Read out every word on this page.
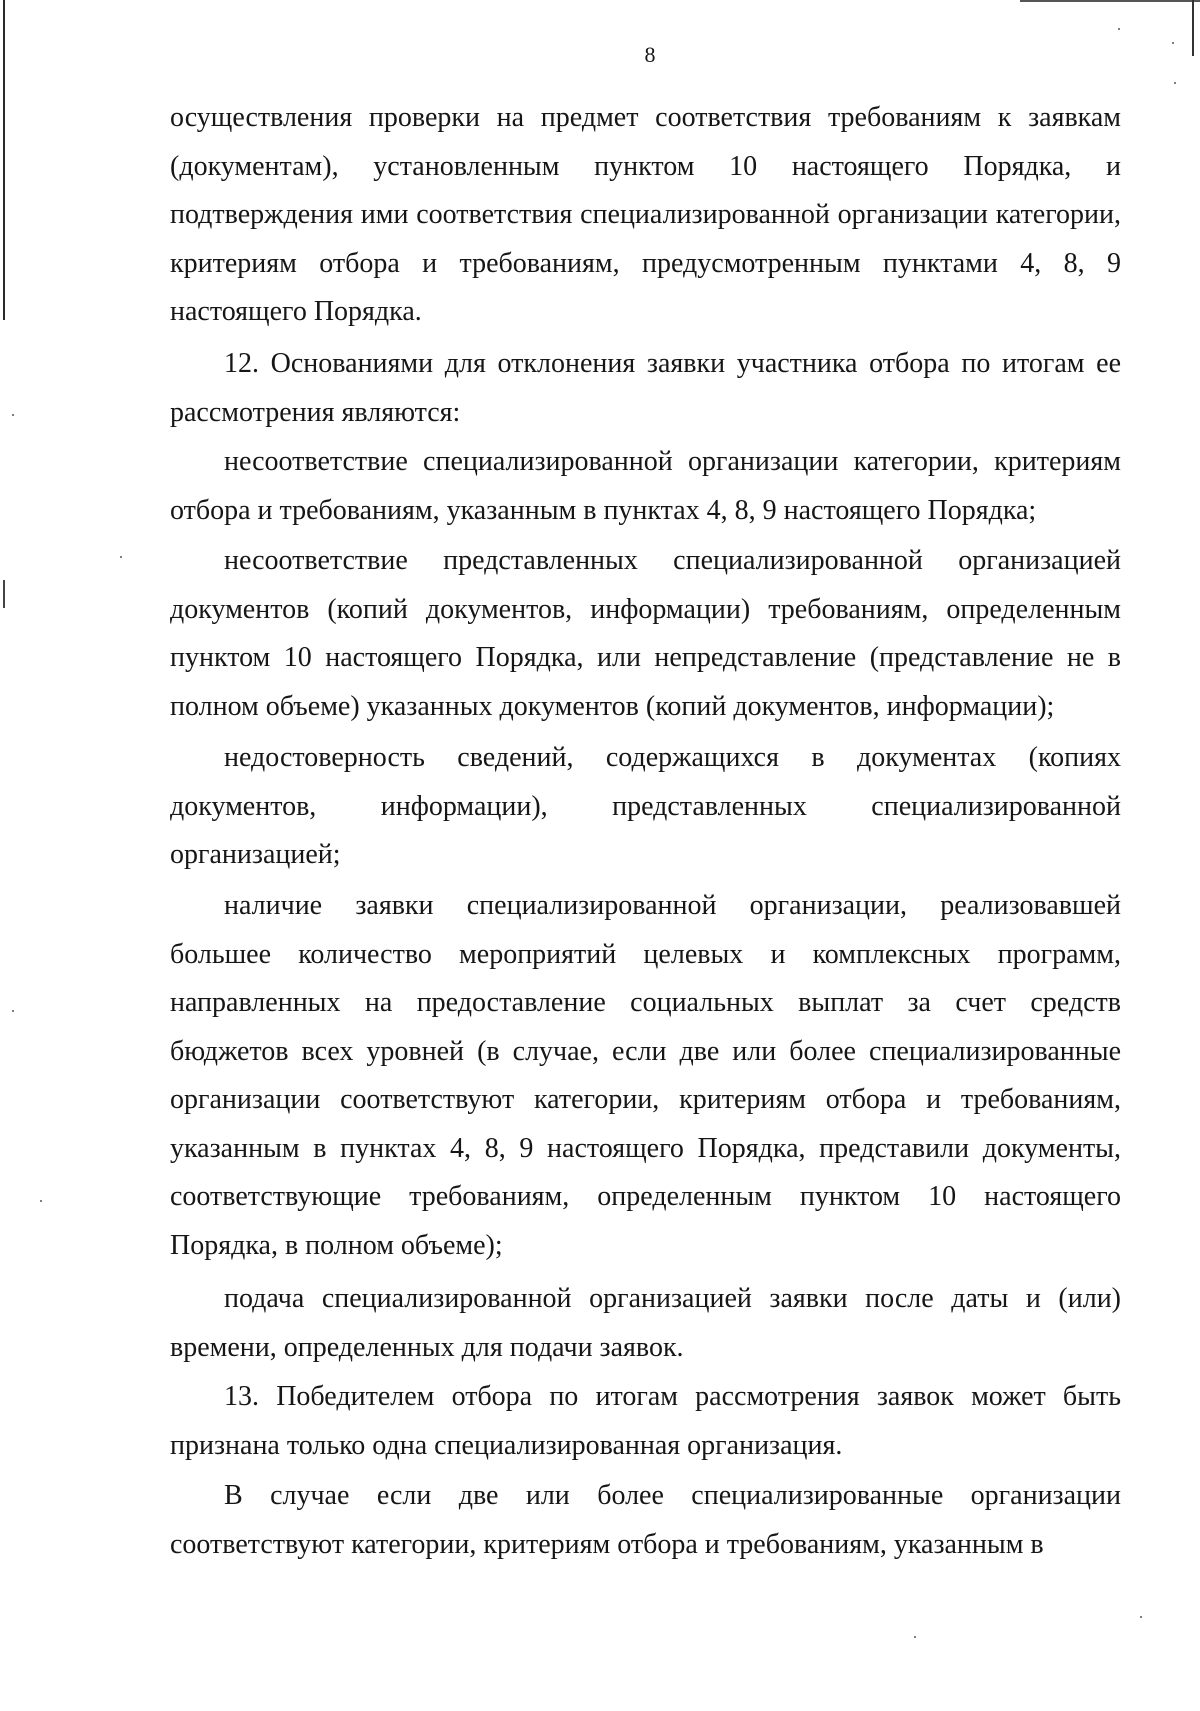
8

осуществления проверки на предмет соответствия требованиям к заявкам (документам), установленным пунктом 10 настоящего Порядка, и подтверждения ими соответствия специализированной организации категории, критериям отбора и требованиям, предусмотренным пунктами 4, 8, 9 настоящего Порядка.

12. Основаниями для отклонения заявки участника отбора по итогам ее рассмотрения являются:

несоответствие специализированной организации категории, критериям отбора и требованиям, указанным в пунктах 4, 8, 9 настоящего Порядка;

несоответствие представленных специализированной организацией документов (копий документов, информации) требованиям, определенным пунктом 10 настоящего Порядка, или непредставление (представление не в полном объеме) указанных документов (копий документов, информации);

недостоверность сведений, содержащихся в документах (копиях документов, информации), представленных специализированной организацией;

наличие заявки специализированной организации, реализовавшей большее количество мероприятий целевых и комплексных программ, направленных на предоставление социальных выплат за счет средств бюджетов всех уровней (в случае, если две или более специализированные организации соответствуют категории, критериям отбора и требованиям, указанным в пунктах 4, 8, 9 настоящего Порядка, представили документы, соответствующие требованиям, определенным пунктом 10 настоящего Порядка, в полном объеме);

подача специализированной организацией заявки после даты и (или) времени, определенных для подачи заявок.

13. Победителем отбора по итогам рассмотрения заявок может быть признана только одна специализированная организация.

В случае если две или более специализированные организации соответствуют категории, критериям отбора и требованиям, указанным в
